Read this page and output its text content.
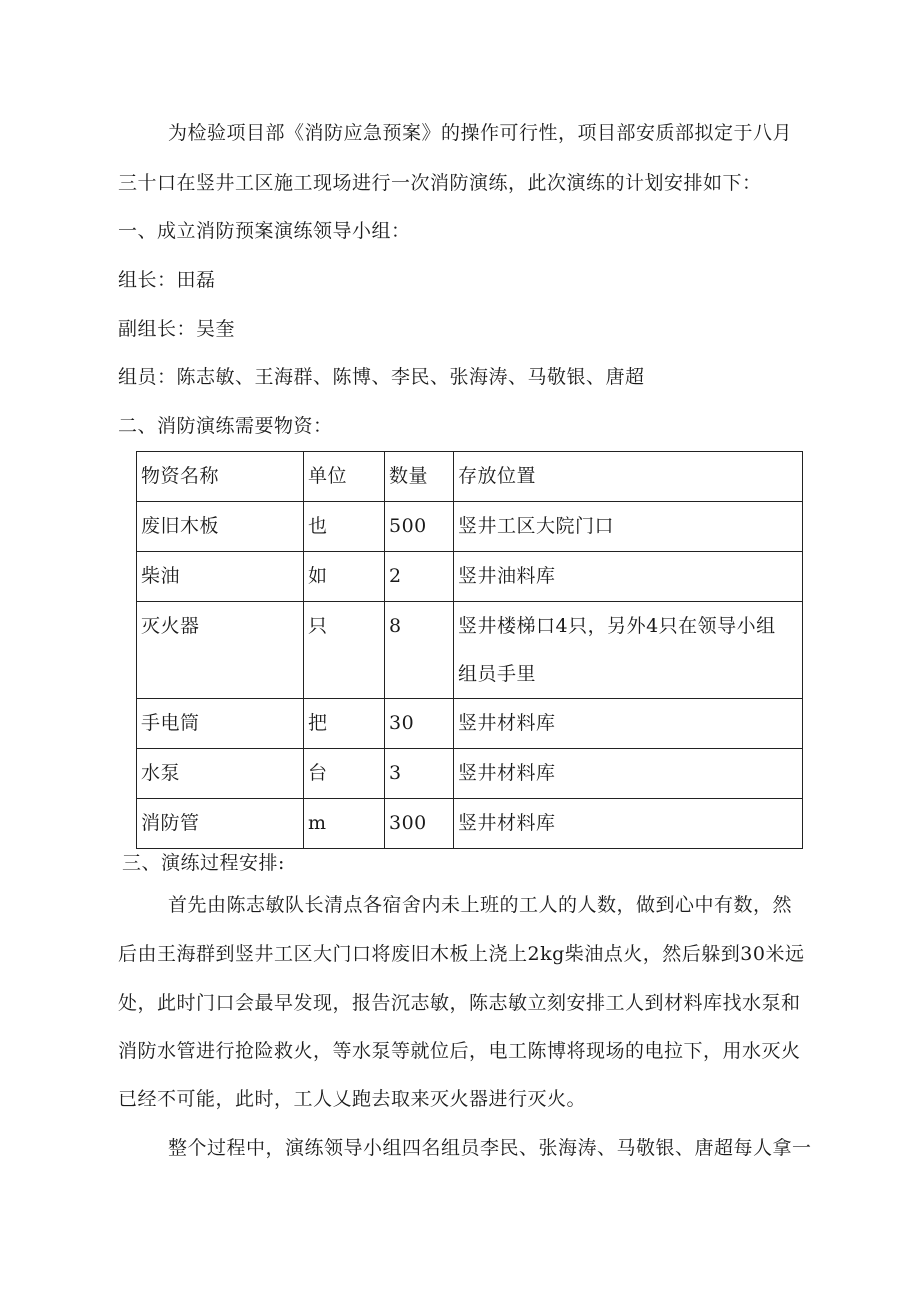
为检验项目部《消防应急预案》的操作可行性，项目部安质部拟定于八月
三十口在竖井工区施工现场进行一次消防演练，此次演练的计划安排如下：
一、成立消防预案演练领导小组：
组长：田磊
副组长：吴奎
组员：陈志敏、王海群、陈博、李民、张海涛、马敬银、唐超
二、消防演练需要物资：
物资名称	单位	数量	存放位置

废旧木板	也	500	竖井工区大院门口

柴油	如	2	竖井油料库

灭火器	只	8	竖井楼梯口4只，另外4只在领导小组组员手里

手电筒	把	30	竖井材料库

水泵	台	3	竖井材料库

消防管	m	300	竖井材料库
三、演练过程安排:
首先由陈志敏队长清点各宿舍内未上班的工人的人数，做到心中有数，然
后由王海群到竖井工区大门口将废旧木板上浇上2kg柴油点火，然后躲到30米远
处，此时门口会最早发现，报告沉志敏，陈志敏立刻安排工人到材料库找水泵和
消防水管进行抢险救火，等水泵等就位后，电工陈博将现场的电拉下，用水灭火
已经不可能，此时，工人乂跑去取来灭火器进行灭火。
整个过程中，演练领导小组四名组员李民、张海涛、马敬银、唐超每人拿一
